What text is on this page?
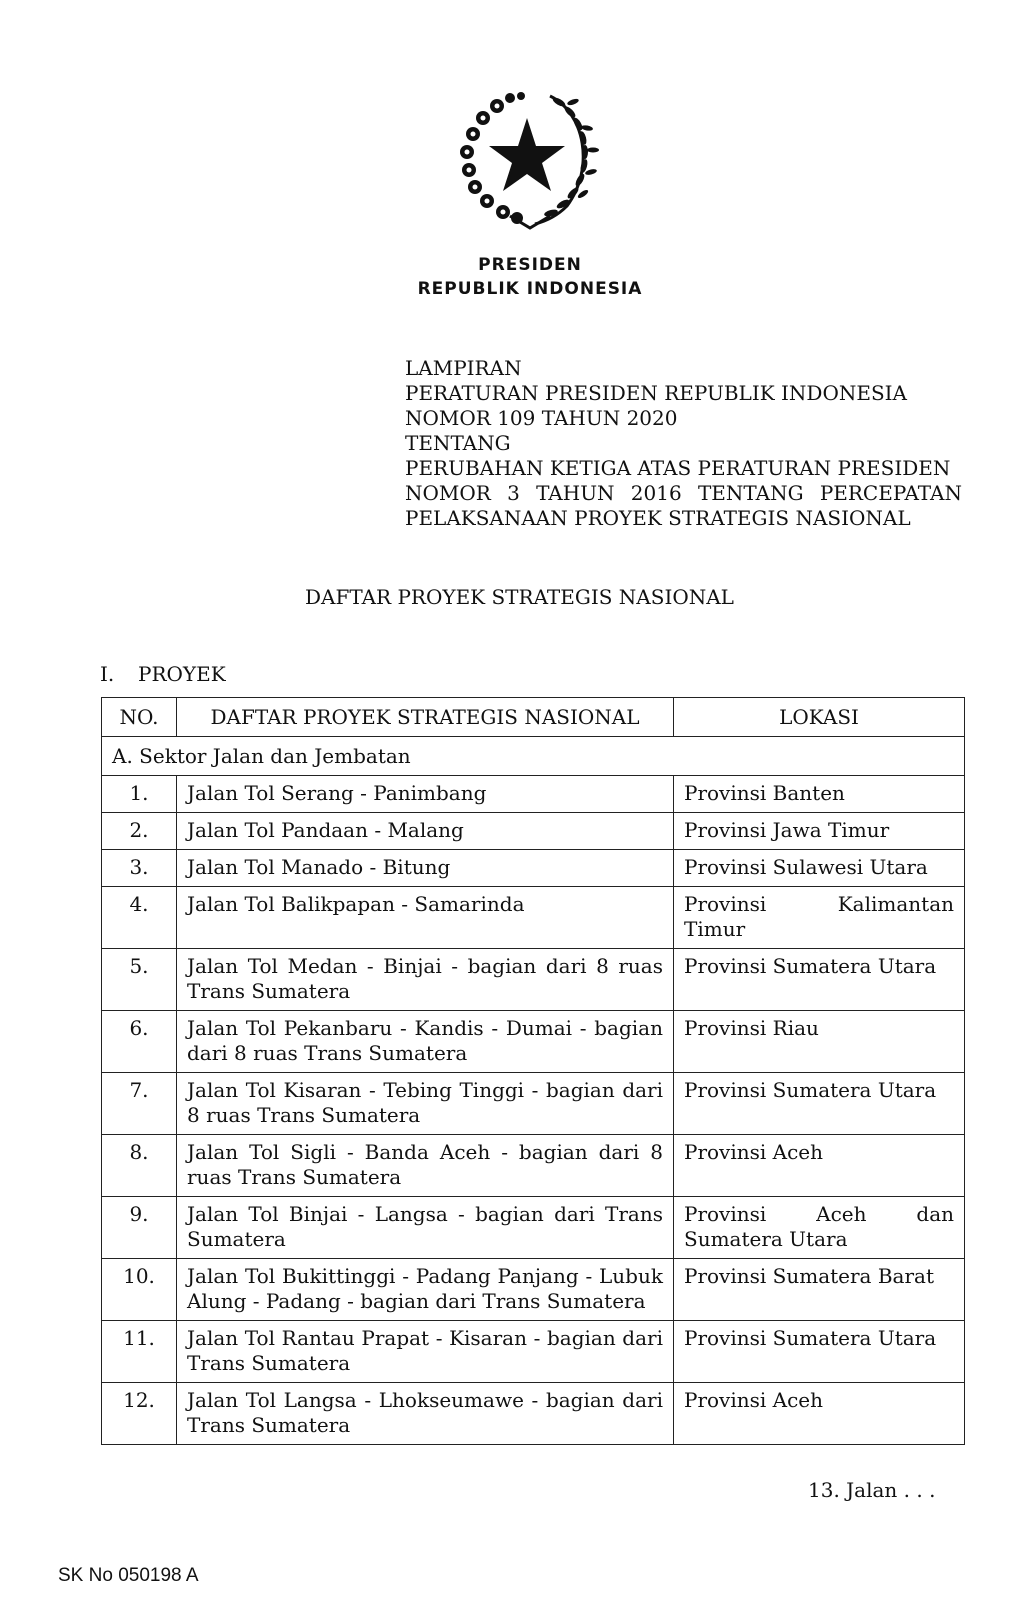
PRESIDEN
REPUBLIK INDONESIA
LAMPIRAN
PERATURAN PRESIDEN REPUBLIK INDONESIA
NOMOR 109 TAHUN 2020
TENTANG
PERUBAHAN KETIGA ATAS PERATURAN PRESIDEN
NOMOR 3 TAHUN 2016 TENTANG PERCEPATAN
PELAKSANAAN PROYEK STRATEGIS NASIONAL
DAFTAR PROYEK STRATEGIS NASIONAL
I. PROYEK
NO.	DAFTAR PROYEK STRATEGIS NASIONAL	LOKASI
A. Sektor Jalan dan Jembatan		
1.	Jalan Tol Serang - Panimbang	Provinsi Banten
2.	Jalan Tol Pandaan - Malang	Provinsi Jawa Timur
3.	Jalan Tol Manado - Bitung	Provinsi Sulawesi Utara
4.	Jalan Tol Balikpapan - Samarinda	Provinsi Kalimantan Timur
5.	Jalan Tol Medan - Binjai - bagian dari 8 ruas Trans Sumatera	Provinsi Sumatera Utara
6.	Jalan Tol Pekanbaru - Kandis - Dumai - bagian dari 8 ruas Trans Sumatera	Provinsi Riau
7.	Jalan Tol Kisaran - Tebing Tinggi - bagian dari 8 ruas Trans Sumatera	Provinsi Sumatera Utara
8.	Jalan Tol Sigli - Banda Aceh - bagian dari 8 ruas Trans Sumatera	Provinsi Aceh
9.	Jalan Tol Binjai - Langsa - bagian dari Trans Sumatera	Provinsi Aceh dan Sumatera Utara
10.	Jalan Tol Bukittinggi - Padang Panjang - Lubuk Alung - Padang - bagian dari Trans Sumatera	Provinsi Sumatera Barat
11.	Jalan Tol Rantau Prapat - Kisaran - bagian dari Trans Sumatera	Provinsi Sumatera Utara
12.	Jalan Tol Langsa - Lhokseumawe - bagian dari Trans Sumatera	Provinsi Aceh
13. Jalan . . .
SK No 050198 A
